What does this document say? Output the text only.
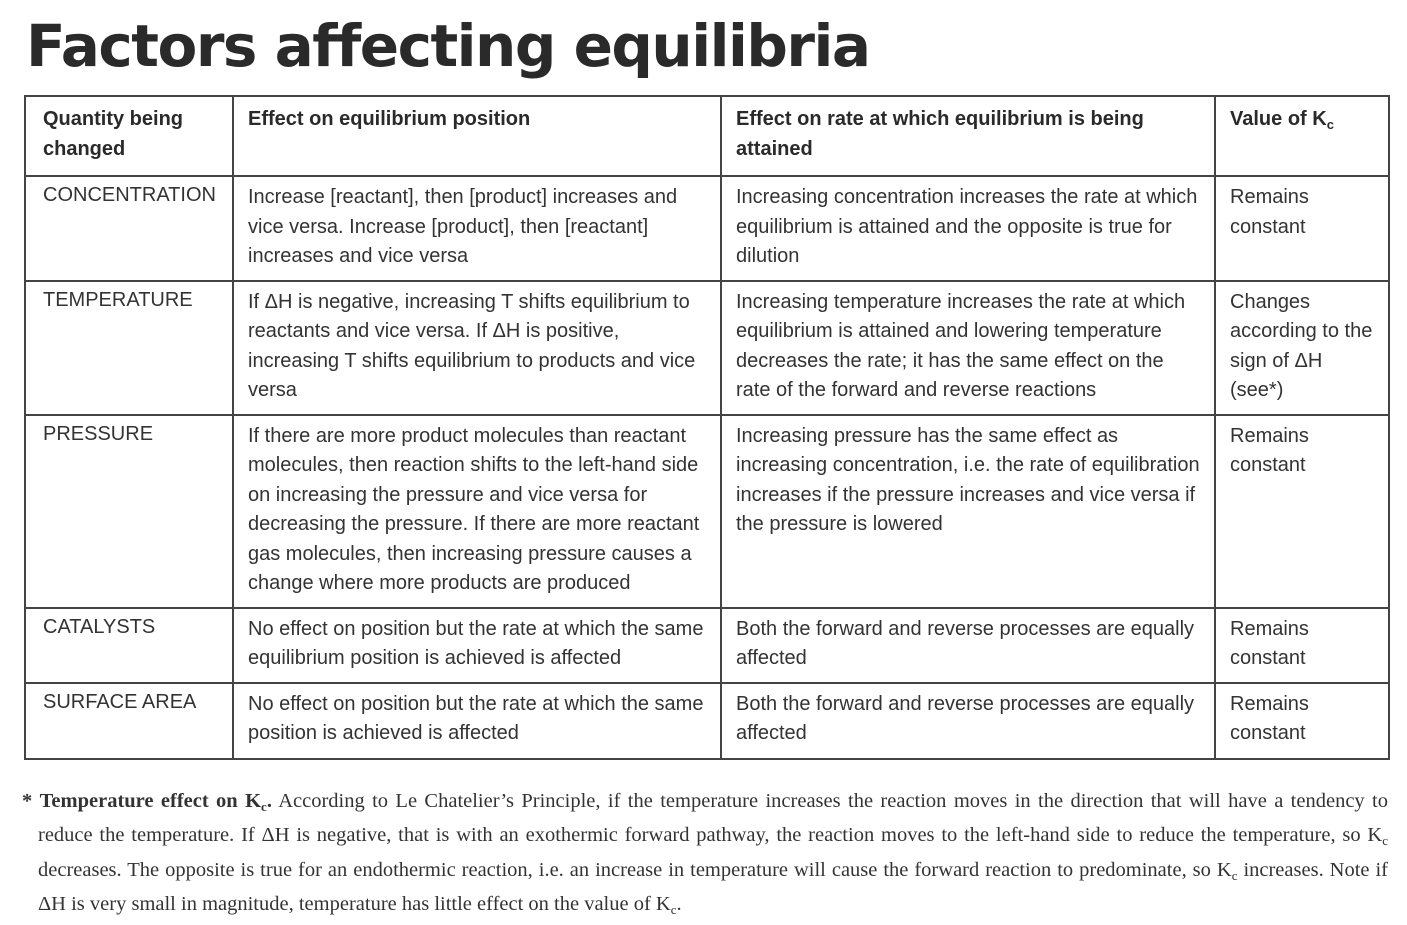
Factors affecting equilibria
Quantity being changed	Effect on equilibrium position	Effect on rate at which equilibrium is being attained	Value of $K_c$
CONCENTRATION	Increase [reactant], then [product] increases and vice versa. Increase [product], then [reactant] increases and vice versa	Increasing concentration increases the rate at which equilibrium is attained and the opposite is true for dilution	Remains constant
TEMPERATURE	If ΔH is negative, increasing T shifts equilibrium to reactants and vice versa. If ΔH is positive, increasing T shifts equilibrium to products and vice versa	Increasing temperature increases the rate at which equilibrium is attained and lowering temperature decreases the rate; it has the same effect on the rate of the forward and reverse reactions	Changes according to the sign of ΔH (see*)
PRESSURE	If there are more product molecules than reactant molecules, then reaction shifts to the left-hand side on increasing the pressure and vice versa for decreasing the pressure. If there are more reactant gas molecules, then increasing pressure causes a change where more products are produced	Increasing pressure has the same effect as increasing concentration, i.e. the rate of equilibration increases if the pressure increases and vice versa if the pressure is lowered	Remains constant
CATALYSTS	No effect on position but the rate at which the same equilibrium position is achieved is affected	Both the forward and reverse processes are equally affected	Remains constant
SURFACE AREA	No effect on position but the rate at which the same position is achieved is affected	Both the forward and reverse processes are equally affected	Remains constant

* Temperature effect on Kc. According to Le Chatelier’s Principle, if the temperature increases the reaction moves in the direction that will have a tendency to reduce the temperature. If ΔH is negative, that is with an exothermic forward pathway, the reaction moves to the left-hand side to reduce the temperature, so Kc decreases. The opposite is true for an endothermic reaction, i.e. an increase in temperature will cause the forward reaction to predominate, so Kc increases. Note if ΔH is very small in magnitude, temperature has little effect on the value of Kc.
